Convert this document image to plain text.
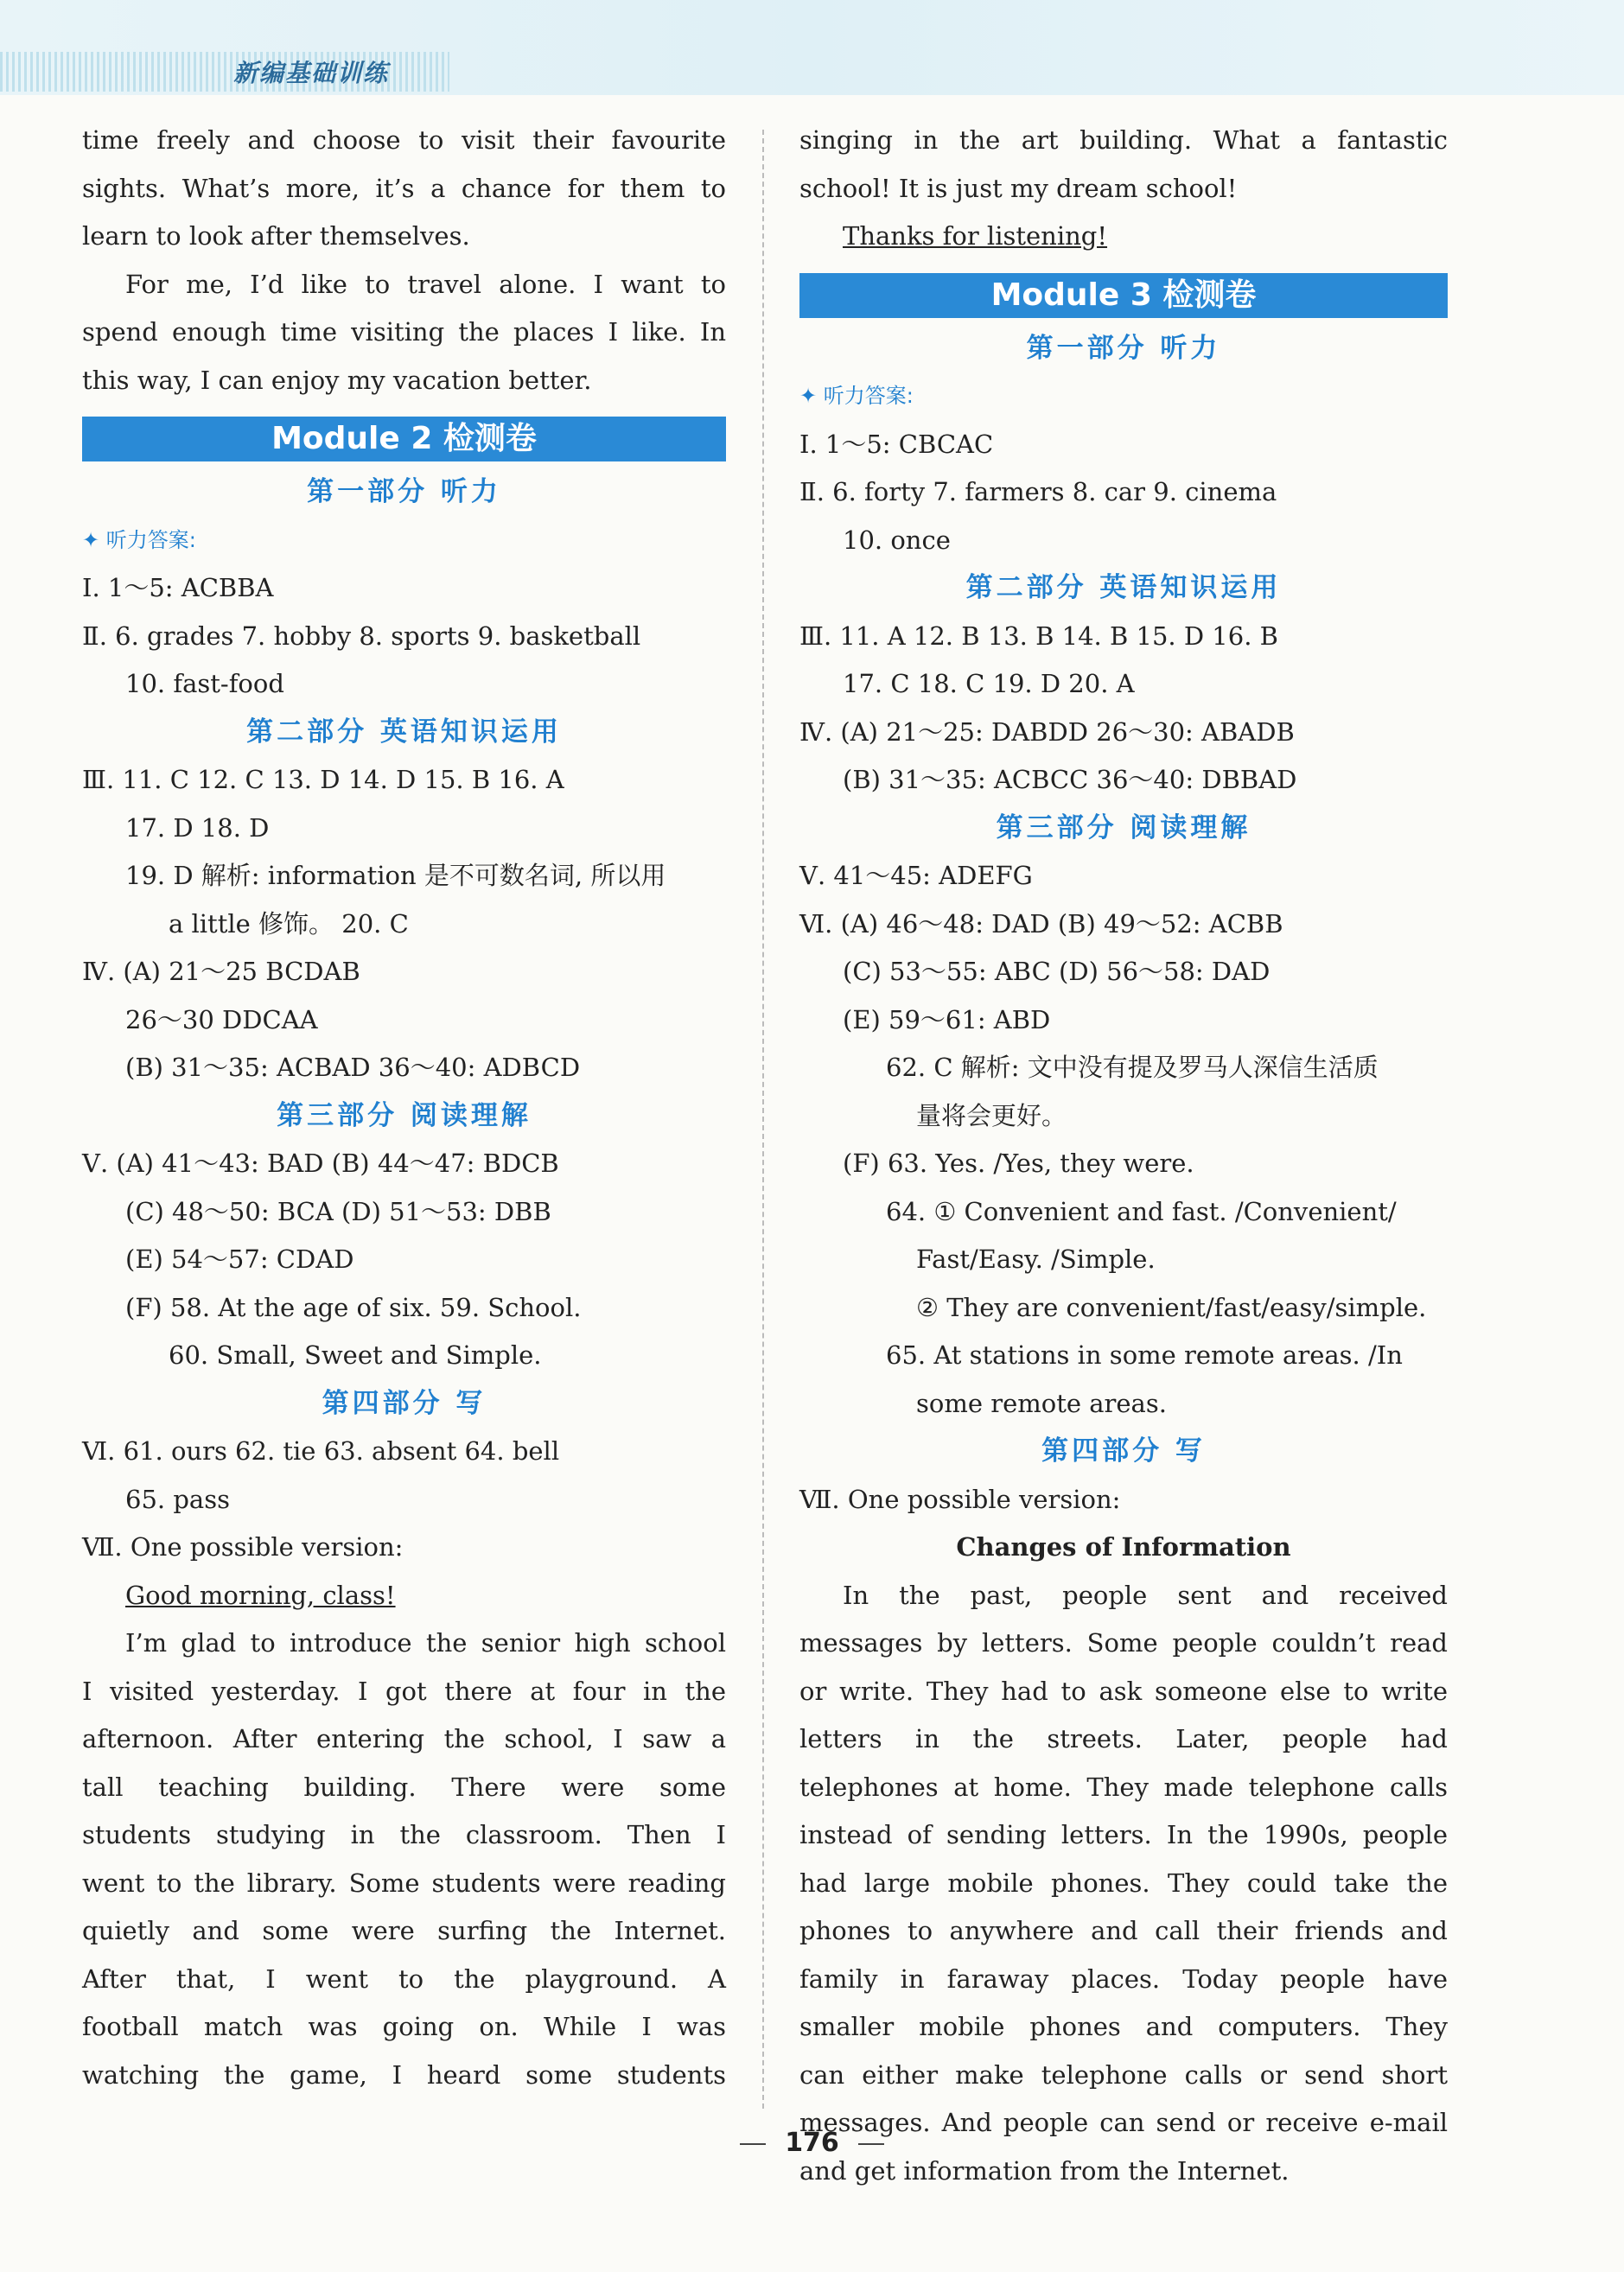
新编基础训练
time freely and choose to visit their favourite
sights. What’s more, it’s a chance for them to
learn to look after themselves.
For me, I’d like to travel alone. I want to
spend enough time visiting the places I like. In
this way, I can enjoy my vacation better.
Module 2 检测卷
第一部分 听力
✦ 听力答案:
Ⅰ. 1～5: ACBBA
Ⅱ. 6. grades 7. hobby 8. sports 9. basketball
10. fast-food
第二部分 英语知识运用
Ⅲ. 11. C 12. C 13. D 14. D 15. B 16. A
17. D 18. D
19. D 解析: information 是不可数名词, 所以用
a little 修饰。 20. C
Ⅳ. (A) 21～25 BCDAB
26～30 DDCAA
(B) 31～35: ACBAD 36～40: ADBCD
第三部分 阅读理解
Ⅴ. (A) 41～43: BAD (B) 44～47: BDCB
(C) 48～50: BCA (D) 51～53: DBB
(E) 54～57: CDAD
(F) 58. At the age of six. 59. School.
60. Small, Sweet and Simple.
第四部分 写
Ⅵ. 61. ours 62. tie 63. absent 64. bell
65. pass
Ⅶ. One possible version:
Good morning, class!
I’m glad to introduce the senior high school
I visited yesterday. I got there at four in the
afternoon. After entering the school, I saw a
tall teaching building. There were some
students studying in the classroom. Then I
went to the library. Some students were reading
quietly and some were surfing the Internet.
After that, I went to the playground. A
football match was going on. While I was
watching the game, I heard some students
singing in the art building. What a fantastic
school! It is just my dream school!
Thanks for listening!
Module 3 检测卷
第一部分 听力
✦ 听力答案:
Ⅰ. 1～5: CBCAC
Ⅱ. 6. forty 7. farmers 8. car 9. cinema
10. once
第二部分 英语知识运用
Ⅲ. 11. A 12. B 13. B 14. B 15. D 16. B
17. C 18. C 19. D 20. A
Ⅳ. (A) 21～25: DABDD 26～30: ABADB
(B) 31～35: ACBCC 36～40: DBBAD
第三部分 阅读理解
Ⅴ. 41～45: ADEFG
Ⅵ. (A) 46～48: DAD (B) 49～52: ACBB
(C) 53～55: ABC (D) 56～58: DAD
(E) 59～61: ABD
62. C 解析: 文中没有提及罗马人深信生活质
量将会更好。
(F) 63. Yes. /Yes, they were.
64. ① Convenient and fast. /Convenient/
Fast/Easy. /Simple.
② They are convenient/fast/easy/simple.
65. At stations in some remote areas. /In
some remote areas.
第四部分 写
Ⅶ. One possible version:
Changes of Information
In the past, people sent and received
messages by letters. Some people couldn’t read
or write. They had to ask someone else to write
letters in the streets. Later, people had
telephones at home. They made telephone calls
instead of sending letters. In the 1990s, people
had large mobile phones. They could take the
phones to anywhere and call their friends and
family in faraway places. Today people have
smaller mobile phones and computers. They
can either make telephone calls or send short
messages. And people can send or receive e-mail
and get information from the Internet.
176
